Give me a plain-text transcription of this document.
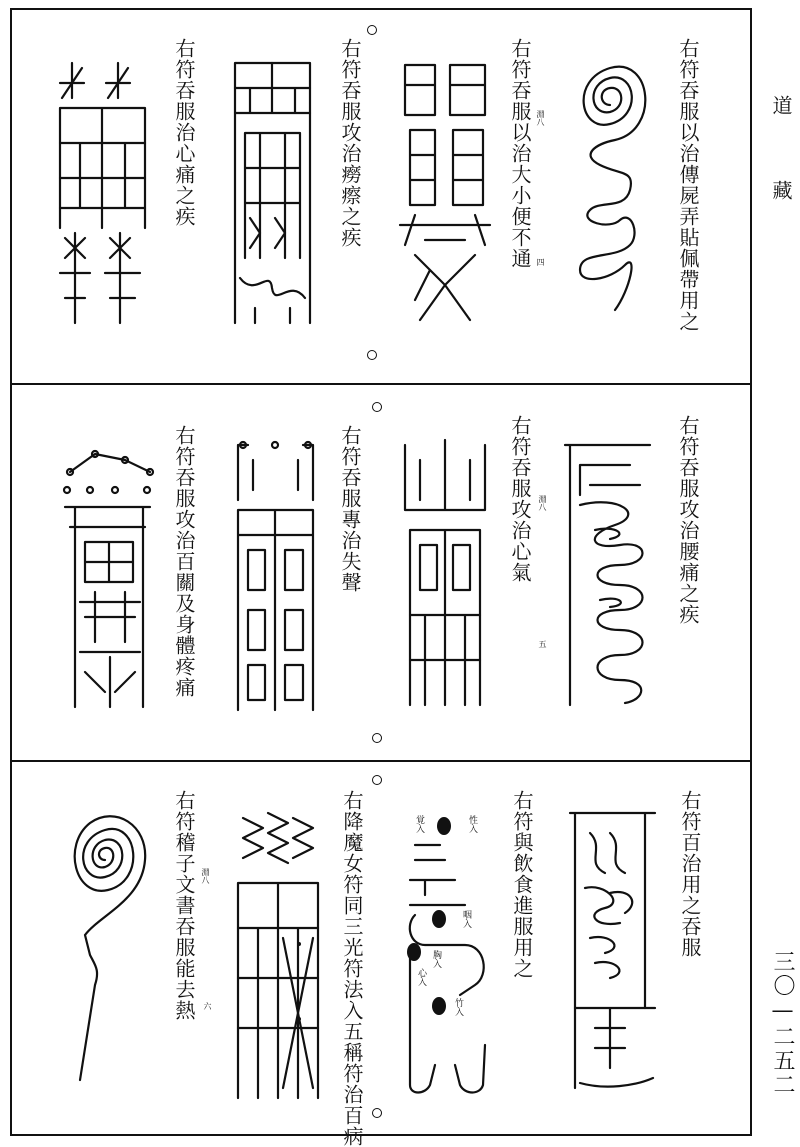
道
藏
三〇—二五二
右符吞服以治傳屍弄貼佩帶用之
右符吞服以治大小便不通 淵八
四
右符吞服攻治癆瘵之疾
右符吞服治心痛之疾
右符吞服攻治腰痛之疾
右符吞服攻治心氣 淵八
五
右符吞服專治失聲
右符吞服攻治百關及身體疼痛
右符百治用之吞服
右符與飲食進服用之
右降魔女符同三光符法入五稱符治百病
右符稽子文書吞服能去熱 淵八
六
覚入	性入
咽入
胸入
心入
竹入
